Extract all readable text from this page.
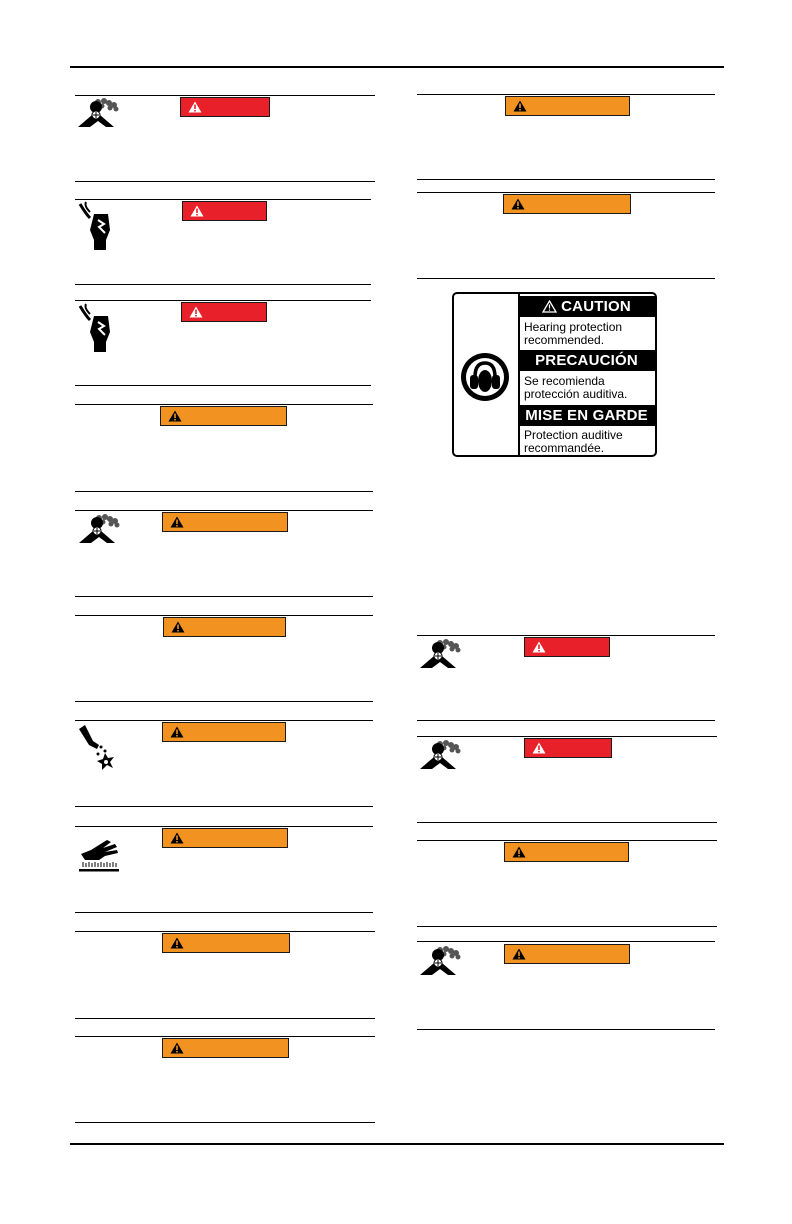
CAUTION
Hearing protection
recommended.
PRECAUCIÓN
Se recomienda
protección auditiva.
MISE EN GARDE
Protection auditive
recommandée.
